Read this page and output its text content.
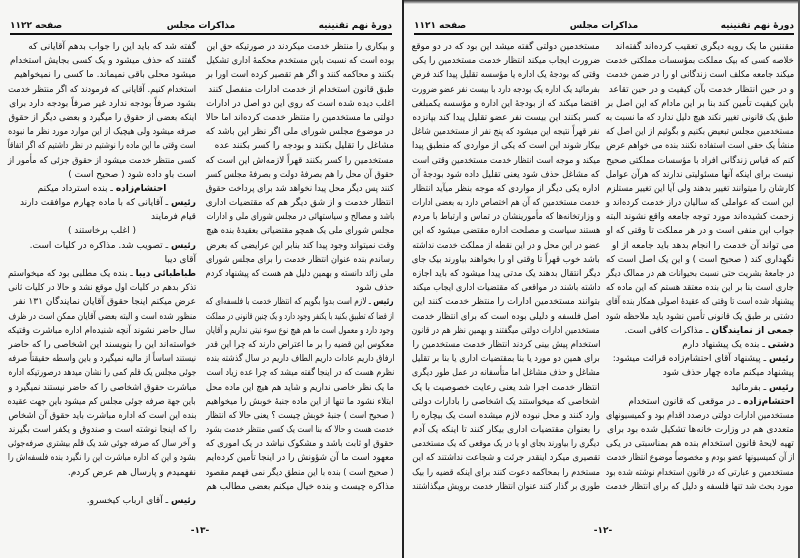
دورهٔ نهم تقنینیه
مذاکرات مجلس
صفحه ۱۱۲۲
گفته شد که باید این را جواب بدهم آقایانی که
گفتند که حذف میشود و یک کسی بجایش استخدام
میشود محلی باقی نمیماند. ما کسی را نمیخواهیم
استخدام کنیم. آقایانی که فرمودند که اگر منتظر خدمت
بشود صرفاً بودجه ندارد غیر صرفاً بودجه دارد برای
اینکه بعضی از حقوق را میگیرد و بعضی دیگر از حقوق
صرفه میشود ولی هیچیک از این موارد مورد نظر ما نبوده
است وقتی ما این ماده را نوشتیم در نظر داشتیم که اگر اتفاقاً
کسی منتظر خدمت میشود از حقوق جزئی که مأمور از
است باو داده شود ( صحیح است )
احتشام‌زاده ـ بنده استرداد میکنم
رئیس ـ آقایانی که با ماده چهارم موافقت دارند
قیام فرمایند
( اغلب برخاستند )
رئیس ـ تصویب شد. مذاکره در کلیات است.
آقای دیبا
طباطبائی دیبا ـ بنده یک مطلبی بود که میخواستم
تذکر بدهم در کلیات اول موقع نشد و حالا در کلیات ثانی
عرض میکنم اینجا حقوق آقایان نمایندگان ۱۳۱ نفر
منظور شده است و البته بعضی آقایان ممکن است در ظرف
سال حاضر نشوند آنچه شنیده‌ام اداره مباشرت وقتیکه
خواسته‌اند این را بنویسند این اشخاصی را که حاضر
نیستند اساساً از مالیه نمیگیرد و باین واسطه حقیقتاً صرفه
جوئی مجلس یک قلم کمی را نشان میدهد درصورتیکه اداره
مباشرت حقوق اشخاصی را که حاضر نیستند نمیگیرد و
باین جهة صرفه جوئی مجلس کم میشود باین جهت عقیده
بنده این است که اداره مباشرت باید حقوق آن اشخاص
را که اینجا نوشته است و صندوق و یکفر است بگیرند
و آخر سال که صرفه جوئی شد یک قلم بیشتری صرفه‌جوئی
بشود و این که اداره مباشرت این را نگیرد بنده فلسفه‌اش را
نفهمیدم و پارسال هم عرض کردم.
رئیس ـ آقای ارباب کیخسرو.
و بیکاری را منتظر خدمت میکردند در صورتیکه حق این
بوده است که نسبت باین مستخدم محکمهٔ اداری تشکیل
بکنند و محاکمه کنند و اگر هم تقصیر کرده است اورا بر
طبق قانون استخدام از خدمت ادارات منفصل کنند
اغلب دیده شده است که روی این دو اصل در ادارات
دولتی ما مستخدمین را منتظر خدمت کرده‌اند اما حالا
در موضوع مجلس شورای ملی اگر نظر این باشد که
مشاغل را تقلیل بکنند و بودجه را کسر بکنند عده
مستخدمین را کسر بکنند قهراً لازمه‌اش این است که
حقوق آن محل را هم بصرفهٔ دولت و بصرفهٔ مجلس کسر
کنند پس دیگر محل پیدا نخواهد شد برای پرداخت حقوق
انتظار خدمت و از شق دیگر هم که مقتضیات اداری
باشد و مصالح و سیاستهائی در مجلس شورای ملی و ادارات
مجلس شورای ملی یک همچو مقتضیاتی بعقیدهٔ بنده هیچ
وقت نمیتواند وجود پیدا کند بنابر این عرایضی که بعرض
رساندم بنده عنوان انتظار خدمت را برای مجلس شورای
ملی زائد دانسته و بهمین دلیل هم هست که پیشنهاد کردم
حذف شود
رئیس ـ لازم است بدوا بگویم که انتظار خدمت با فلسفه‌ای که
از قضا که تطبیق بکنید با یکنفر وجود دارد و یک چنین قانونی در مملکت
وجود دارد و معمول است ما هم هیچ نوع سوء نیتی نداریم و آقایان
معکوس این قضیه را بر ما اعتراض دارند که چرا این قدر
ارفاق داریم عادات داریم الطاف داریم در سال گذشته بنده
نظرم هست که در اینجا گفته میشد که چرا عده زیاد است
ما یک نظر خاصی نداریم و شاید هم هیچ این ماده محل
ابتلاء نشود ما تنها از این ماده جنبهٔ خوبش را میخواهیم
( صحیح است ) جنبهٔ خوبش چیست ؟ یعنی حالا که انتظار
خدمت هست و حالا که بنا است یک کسی منتظر خدمت بشود
حقوق او ثابت باشد و مشکوک نباشد در یک اموری که
معهود است ما آن شؤونش را در اینجا تأمین کرده‌ایم
( صحیح است ) بنده با این منطق دیگر نمی فهمم مقصود
مذاکره چیست و بنده خیال میکنم بعضی مطالب هم
-۱۳-
دورهٔ نهم تقنینیه
مذاکرات مجلس
صفحه ۱۱۲۱
مستخدمین دولتی گفته میشد این بود که در دو موقع
ضرورت ایجاب میکند انتظار خدمت مستخدمین را یکی
وقتی که بودجهٔ یک اداره یا مؤسسه تقلیل پیدا کند فرض
بفرمائید یک اداره یک بودجه دارد با بیست نفر عضو ضرورت
اقتضا میکند که از بودجهٔ این اداره و مؤسسه یکمبلغی
کسر بکنند این بیست نفر عضو تقلیل پیدا کند بپانزده
نفر قهراً نتیجه این میشود که پنج نفر از مستخدمین شاغل
بیکار شوند این است که یکی از مواردی که منطبق پیدا
میکند و موجه است انتظار خدمت مستخدمین وقتی است
که مشاغل حذف شود یعنی تقلیل داده شود بودجهٔ آن
اداره یکی دیگر از مواردی که موجه بنظر میآید انتظار
خدمت مستخدمین که آن هم اختصاص دارد به بعضی ادارات
و وزارتخانه‌ها که مأمورینشان در تماس و ارتباط با مردم
هستند سیاست و مصلحت اداره مقتضی میشود که این
عضو در این محل و در این نقطه از مملکت خدمت نداشته
باشد خوب قهراً تا وقتی او را بخواهند بیاورند بیک جای
دیگر انتقال بدهند یک مدتی پیدا میشود که باید اجازه
داشته باشند در مواقعی که مقتضیات اداری ایجاب میکند
بتوانند مستخدمین ادارات را منتظر خدمت کنند این
اصل فلسفه و دلیلی بوده است که برای انتظار خدمت
مستخدمین ادارات دولتی میگفتند و بهمین نظر هم در قانون
استخدام پیش بینی کردند انتظار خدمت مستخدمین را
برای همین دو مورد یا بنا بمقتضیات اداری یا بنا بر تقلیل
مشاغل و حذف مشاغل اما متأسفانه در عمل طور دیگری
انتظار خدمت اجرا شد یعنی رعایت خصوصیت با یک
اشخاصی که میخواستند یک اشخاصی را بادارات دولتی
وارد کنند و محل نبوده لازم میشده است یک بیچاره را
را بعنوان مقتضیات اداری بیکار کنند تا اینکه یک آدم
دیگری را بیاورند بجای او یا در یک موقعی که یک مستخدمی
تقصیری میکرد اینقدر جرئت و شجاعت نداشتند که این
مستخدم را بمحاکمه دعوت کنند برای اینکه قضیه را بیک
طوری بر گذار کنند عنوان انتظار خدمت برویش میگذاشتند
مقننین ما یک رویه دیگری تعقیب کرده‌اند گفته‌اند
خلاصه کسی که بیک مملکت بمؤسسات مملکتی خدمت
میکند جامعه مکلف است زندگانی او را در ضمن خدمت
و در حین انتظار خدمت بآن کیفیت و در حین تقاعد
باین کیفیت تأمین کند بنا بر این مادام که این اصل بر
طبق یک قانونی تغییر نکند هیچ دلیل ندارد که ما نسبت به
مستخدمین مجلس تبعیض بکنیم و بگوئیم از این اصل که
منشأ یک حقی است استفاده نکنند بنده می خواهم عرض
کنم که قیاس زندگانی افراد با مؤسسات مملکتی صحیح
نیست برای اینکه آنها مسئولیتی ندارند که هرآن عوامل
کارشان را میتوانند تغییر بدهند ولی آیا این تغییر مستلزم
این است که عواملی که سالیان دراز خدمت کرده‌اند و
زحمت کشیده‌اند مورد توجه جامعه واقع نشوند البته
جواب این منفی است و در هر مملکت تا وقتی که او
می تواند آن خدمت را انجام بدهد باید جامعه از او
نگهداری کند ( صحیح است ) و این یک اصل است که
در جامعهٔ بشریت حتی نسبت بحیوانات هم در ممالک دیگر
جاری است بنا بر این بنده معتقد هستم که این ماده که
پیشنهاد شده است تا وقتی که عقیدهٔ اصولی همکار بنده آقای
دشتی بر طبق یک قانونی تأمین نشود باید ملاحظه شود
جمعی از نمایندگان ـ مذاکرات کافی است.
دشتی ـ بنده یک پیشنهاد دارم
رئیس ـ پیشنهاد آقای احتشام‌زاده قرائت میشود:
پیشنهاد میکنم ماده چهار حذف شود
رئیس ـ بفرمائید
احتشام‌زاده ـ در موقعی که قانون استخدام
مستخدمین ادارات دولتی درصدد اقدام بود و کمیسیونهای
متعددی هم در وزارت خانه‌ها تشکیل شده بود برای
تهیه لایحهٔ قانون استخدام بنده هم بمناسبتی در یکی
از آن کمیسیونها عضو بودم و مخصوصاً موضوع انتظار خدمت
مستخدمین و عبارتی که در قانون استخدام نوشته شده بود
مورد بحث شد تنها فلسفه و دلیل که برای انتظار خدمت
-۱۲-
